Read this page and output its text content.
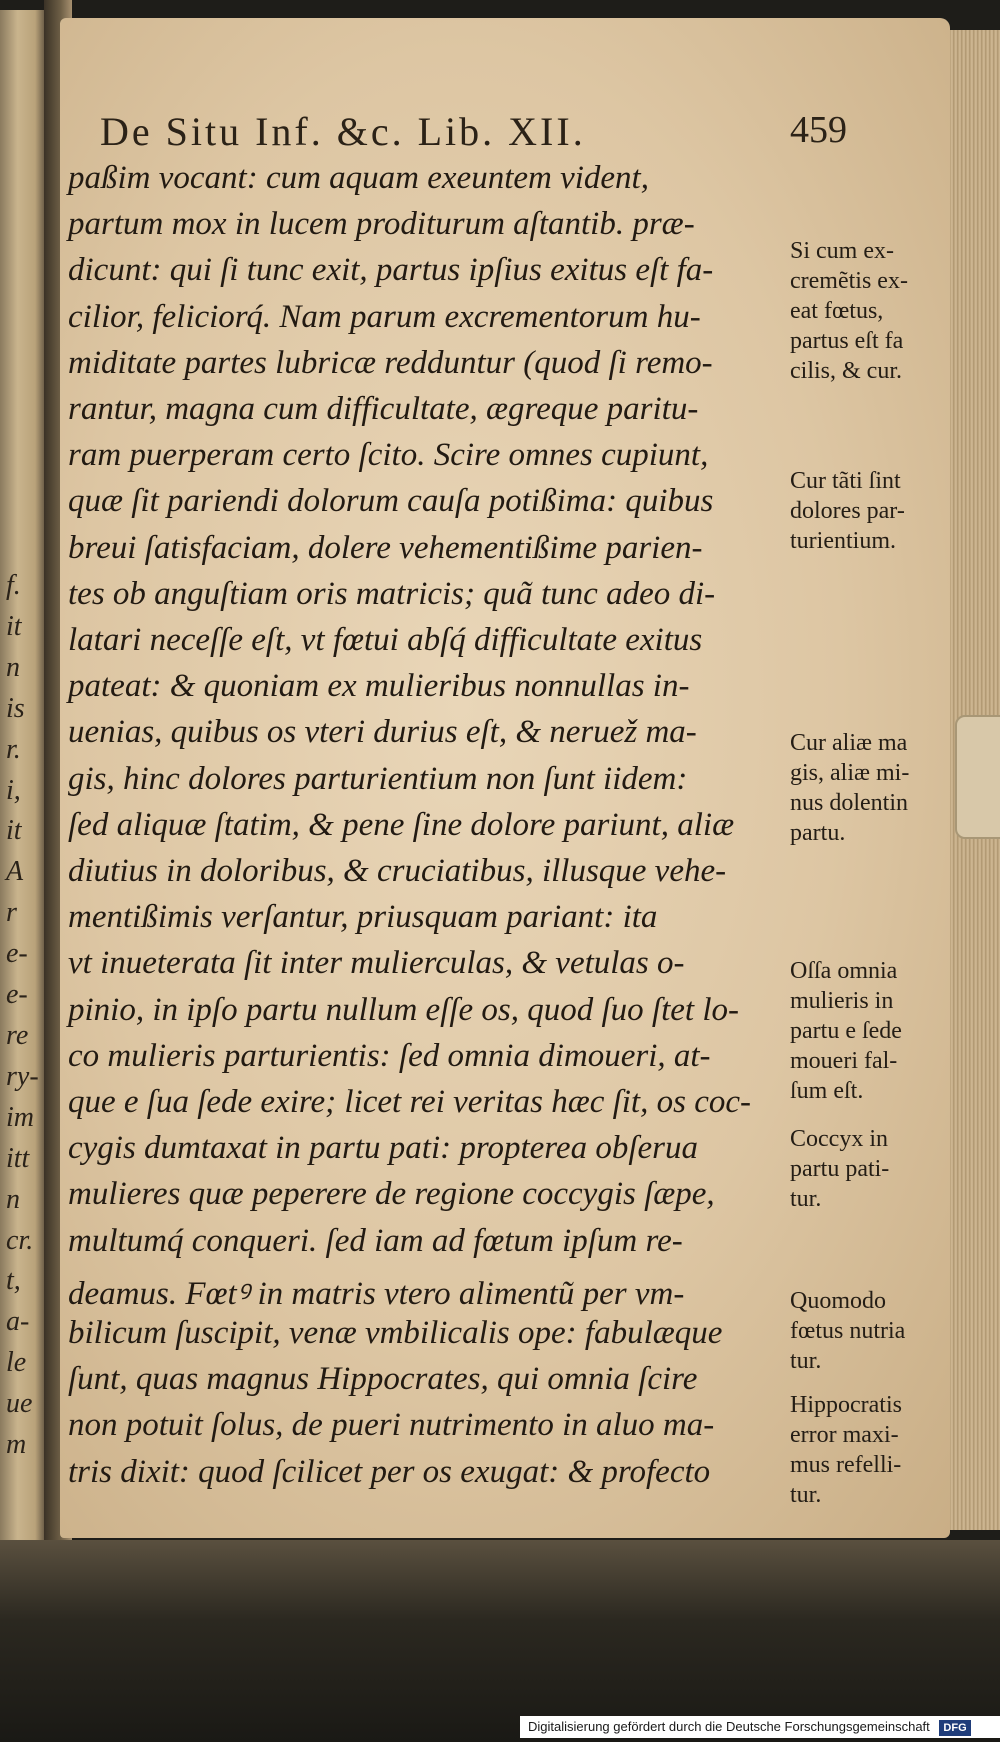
f.
it
n
is
r.
i,
it
A
r
e-
e-
re
ry-
im
itt
n
cr.
t,
a-
le
ue
m
De Situ Inf. &c. Lib. XII.	459
paßim vocant: cum aquam exeuntem vident,
partum mox in lucem proditurum aſtantib. præ-
dicunt: qui ſi tunc exit, partus ipſius exitus eſt fa-
cilior, feliciorq́. Nam parum excrementorum hu-
miditate partes lubricæ redduntur (quod ſi remo-
rantur, magna cum difficultate, ægreque paritu-
ram puerperam certo ſcito. Scire omnes cupiunt,
quæ ſit pariendi dolorum cauſa potißima: quibus
breui ſatisfaciam, dolere vehementißime parien-
tes ob anguſtiam oris matricis; quã tunc adeo di-
latari neceſſe eſt, vt fœtui abſq́ difficultate exitus
pateat: & quoniam ex mulieribus nonnullas in-
uenias, quibus os vteri durius eſt, & neruež ma-
gis, hinc dolores parturientium non ſunt iidem:
ſed aliquæ ſtatim, & pene ſine dolore pariunt, aliæ
diutius in doloribus, & cruciatibus, illusque vehe-
mentißimis verſantur, priusquam pariant: ita
vt inueterata ſit inter mulierculas, & vetulas o-
pinio, in ipſo partu nullum eſſe os, quod ſuo ſtet lo-
co mulieris parturientis: ſed omnia dimoueri, at-
que e ſua ſede exire; licet rei veritas hæc ſit, os coc-
cygis dumtaxat in partu pati: propterea obſerua
mulieres quæ peperere de regione coccygis ſæpe,
multumq́ conqueri. ſed iam ad fœtum ipſum re-
deamus. Fœtꝰ in matris vtero alimentũ per vm-
bilicum ſuscipit, venæ vmbilicalis ope: fabulæque
ſunt, quas magnus Hippocrates, qui omnia ſcire
non potuit ſolus, de pueri nutrimento in aluo ma-
tris dixit: quod ſcilicet per os exugat: & profecto
Si cum ex-
cremẽtis ex-
eat fœtus,
partus eſt fa
cilis, & cur.
Cur tãti ſint
dolores par-
turientium.
Cur aliæ ma
gis, aliæ mi-
nus dolentin
partu.
Oſſa omnia
mulieris in
partu e ſede
moueri fal-
ſum eſt.
Coccyx in
partu pati-
tur.
Quomodo
fœtus nutria
tur.
Hippocratis
error maxi-
mus refelli-
tur.
Digitalisierung gefördert durch die Deutsche Forschungsgemeinschaft DFG
